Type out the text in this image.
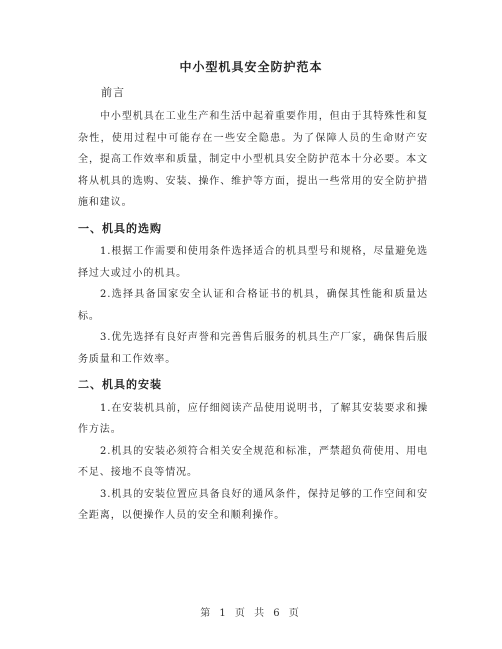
中小型机具安全防护范本
前言

中小型机具在工业生产和生活中起着重要作用，但由于其特殊性和复杂性，使用过程中可能存在一些安全隐患。为了保障人员的生命财产安全，提高工作效率和质量，制定中小型机具安全防护范本十分必要。本文将从机具的选购、安装、操作、维护等方面，提出一些常用的安全防护措施和建议。

一、机具的选购

1.根据工作需要和使用条件选择适合的机具型号和规格，尽量避免选择过大或过小的机具。

2.选择具备国家安全认证和合格证书的机具，确保其性能和质量达标。

3.优先选择有良好声誉和完善售后服务的机具生产厂家，确保售后服务质量和工作效率。

二、机具的安装

1.在安装机具前，应仔细阅读产品使用说明书，了解其安装要求和操作方法。

2.机具的安装必须符合相关安全规范和标准，严禁超负荷使用、用电不足、接地不良等情况。

3.机具的安装位置应具备良好的通风条件，保持足够的工作空间和安全距离，以便操作人员的安全和顺利操作。

第 1 页 共 6 页
